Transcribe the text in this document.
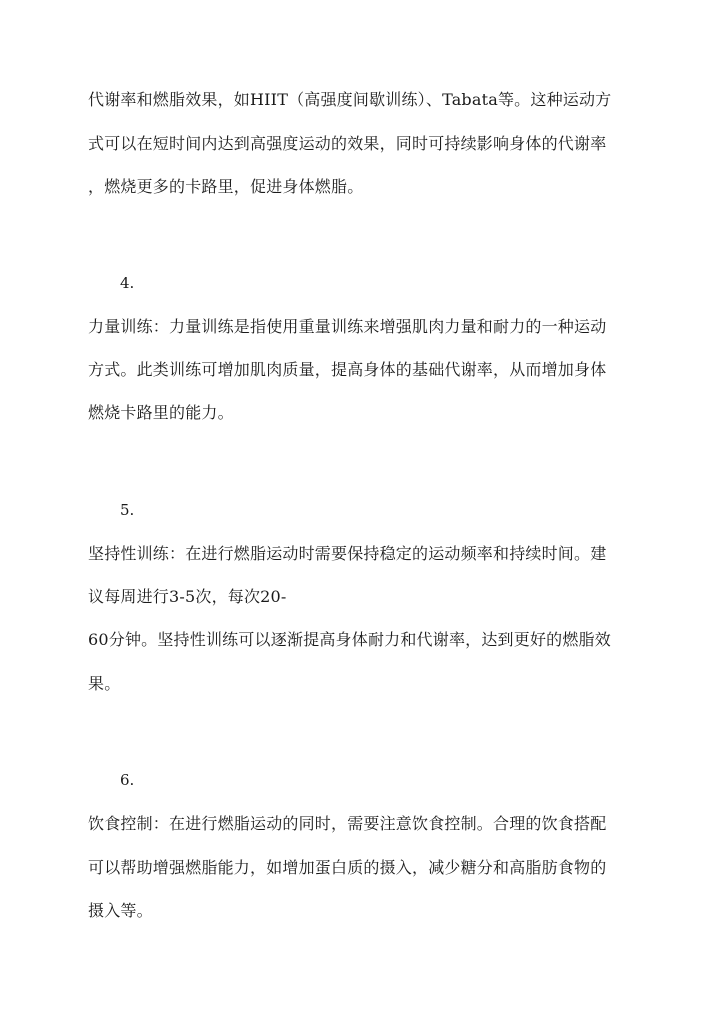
代谢率和燃脂效果，如HIIT（高强度间歇训练）、Tabata等。这种运动方
式可以在短时间内达到高强度运动的效果，同时可持续影响身体的代谢率
，燃烧更多的卡路里，促进身体燃脂。
4.
力量训练：力量训练是指使用重量训练来增强肌肉力量和耐力的一种运动
方式。此类训练可增加肌肉质量，提高身体的基础代谢率，从而增加身体
燃烧卡路里的能力。
5.
坚持性训练：在进行燃脂运动时需要保持稳定的运动频率和持续时间。建
议每周进行3-5次，每次20-
60分钟。坚持性训练可以逐渐提高身体耐力和代谢率，达到更好的燃脂效
果。
6.
饮食控制：在进行燃脂运动的同时，需要注意饮食控制。合理的饮食搭配
可以帮助增强燃脂能力，如增加蛋白质的摄入，减少糖分和高脂肪食物的
摄入等。
